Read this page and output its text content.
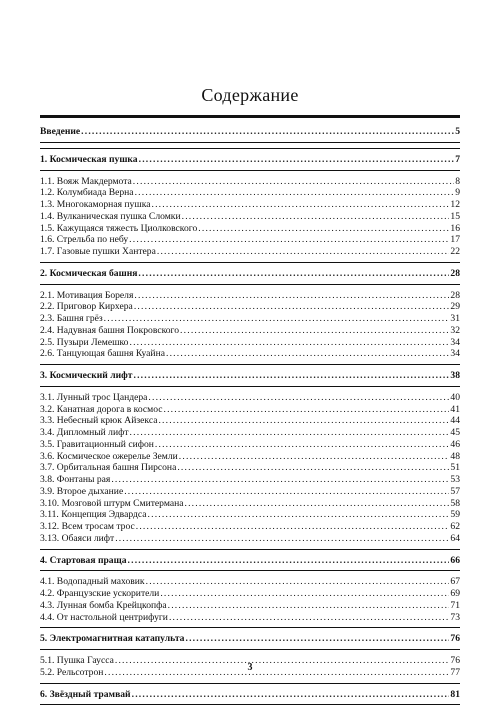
Содержание
Введение . . .	5
1. Космическая пушка . . .	7
1.1. Вояж Макдермота . . .	8
1.2. Колумбиада Верна . . .	9
1.3. Многокаморная пушка . . .	12
1.4. Вулканическая пушка Сломки . . .	15
1.5. Кажущаяся тяжесть Циолковского . . .	16
1.6. Стрельба по небу . . .	17
1.7. Газовые пушки Хантера . . .	22
2. Космическая башня . . .	28
2.1. Мотивация Бореля . . .	28
2.2. Приговор Кирхера . . .	29
2.3. Башня грёз . . .	31
2.4. Надувная башня Покровского . . .	32
2.5. Пузыри Лемешко . . .	34
2.6. Танцующая башня Куайна . . .	34
3. Космический лифт . . .	38
3.1. Лунный трос Цандера . . .	40
3.2. Канатная дорога в космос . . .	41
3.3. Небесный крюк Айзекса . . .	44
3.4. Дипломный лифт . . .	45
3.5. Гравитационный сифон . . .	46
3.6. Космическое ожерелье Земли . . .	48
3.7. Орбитальная башня Пирсона . . .	51
3.8. Фонтаны рая . . .	53
3.9. Второе дыхание . . .	57
3.10. Мозговой штурм Смитермана . . .	58
3.11. Концепция Эдвардса . . .	59
3.12. Всем тросам трос . . .	62
3.13. Обаяси лифт . . .	64
4. Стартовая праща . . .	66
4.1. Водопадный маховик . . .	67
4.2. Французские ускорители . . .	69
4.3. Лунная бомба Крейцкопфа . . .	71
4.4. От настольной центрифуги . . .	73
5. Электромагнитная катапульта . . .	76
5.1. Пушка Гаусса . . .	76
5.2. Рельсотрон . . .	77
6. Звёздный трамвай . . .	81
3
